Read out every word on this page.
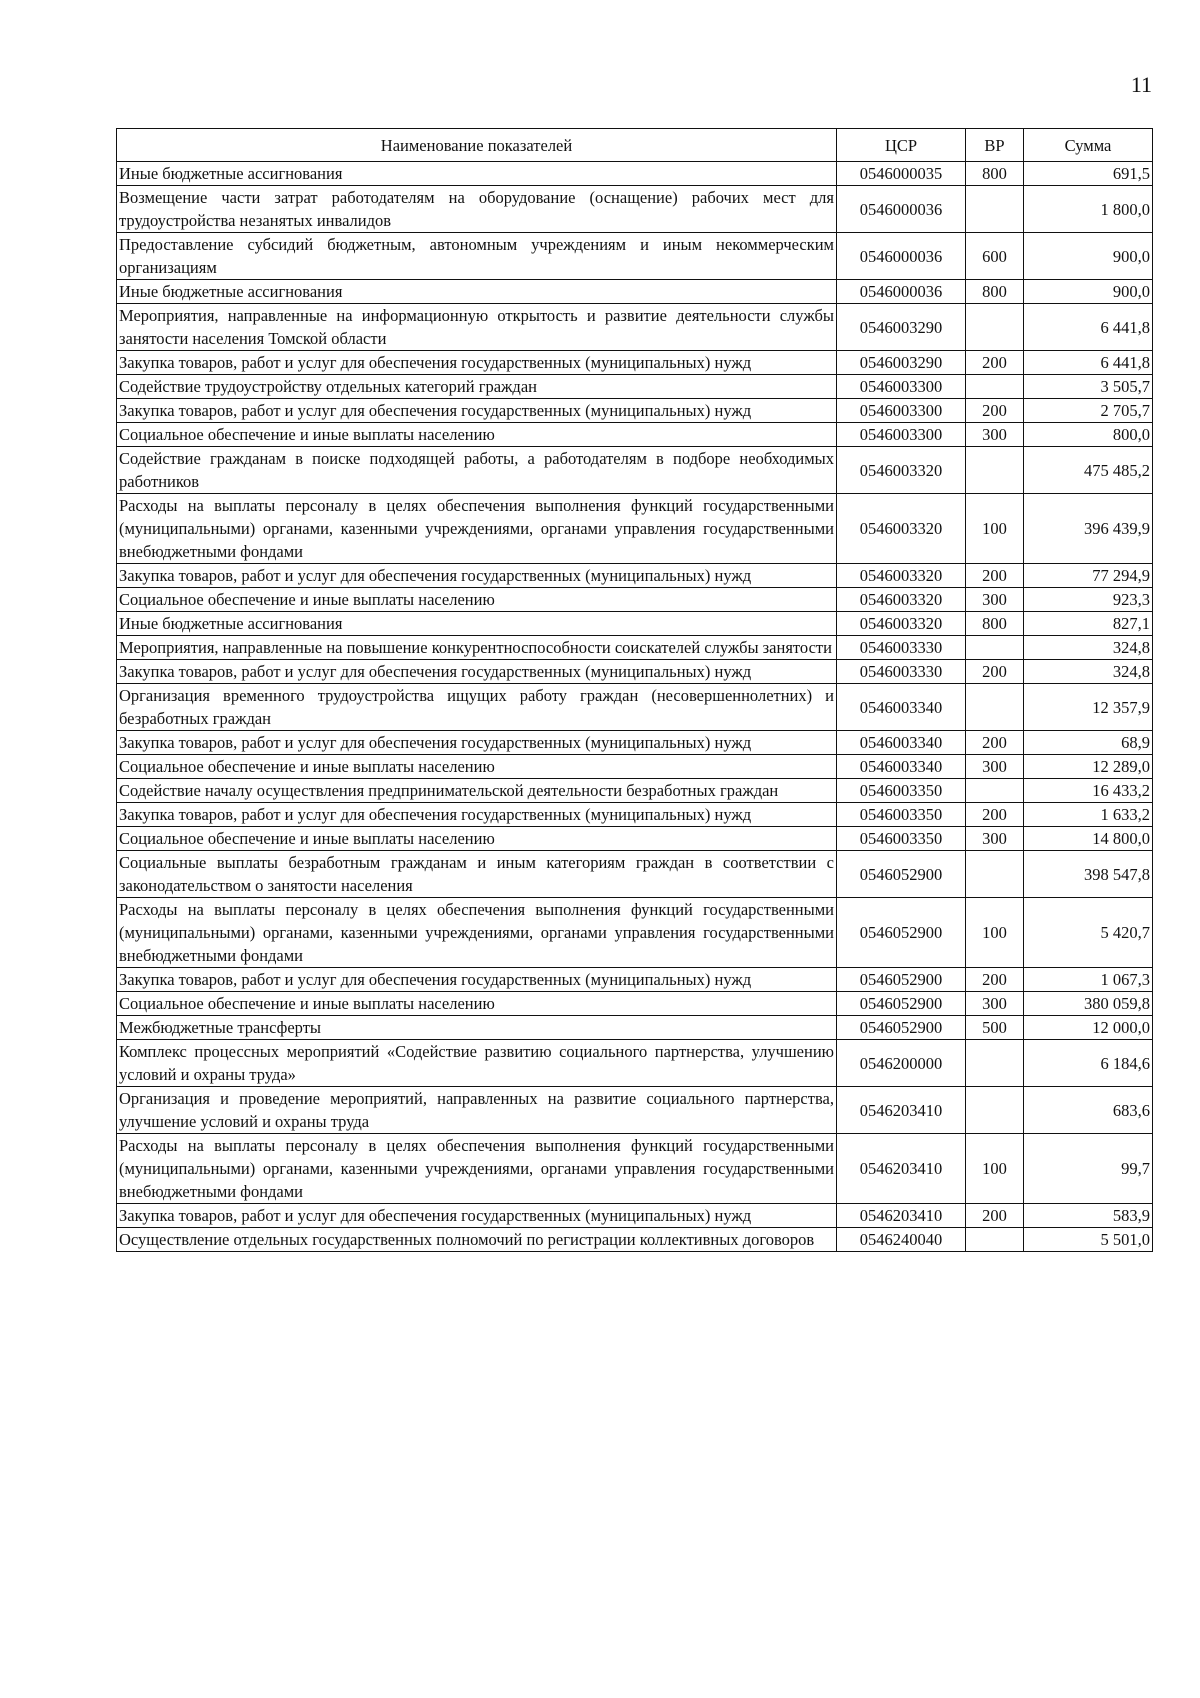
11
Наименование показателей	ЦСР	ВР	Сумма
Иные бюджетные ассигнования	0546000035	800	691,5
Возмещение части затрат работодателям на оборудование (оснащение) рабочих мест для трудоустройства незанятых инвалидов	0546000036		1 800,0
Предоставление субсидий бюджетным, автономным учреждениям и иным некоммерческим организациям	0546000036	600	900,0
Иные бюджетные ассигнования	0546000036	800	900,0
Мероприятия, направленные на информационную открытость и развитие деятельности службы занятости населения Томской области	0546003290		6 441,8
Закупка товаров, работ и услуг для обеспечения государственных (муниципальных) нужд	0546003290	200	6 441,8
Содействие трудоустройству отдельных категорий граждан	0546003300		3 505,7
Закупка товаров, работ и услуг для обеспечения государственных (муниципальных) нужд	0546003300	200	2 705,7
Социальное обеспечение и иные выплаты населению	0546003300	300	800,0
Содействие гражданам в поиске подходящей работы, а работодателям в подборе необходимых работников	0546003320		475 485,2
Расходы на выплаты персоналу в целях обеспечения выполнения функций государственными (муниципальными) органами, казенными учреждениями, органами управления государственными внебюджетными фондами	0546003320	100	396 439,9
Закупка товаров, работ и услуг для обеспечения государственных (муниципальных) нужд	0546003320	200	77 294,9
Социальное обеспечение и иные выплаты населению	0546003320	300	923,3
Иные бюджетные ассигнования	0546003320	800	827,1
Мероприятия, направленные на повышение конкурентноспособности соискателей службы занятости	0546003330		324,8
Закупка товаров, работ и услуг для обеспечения государственных (муниципальных) нужд	0546003330	200	324,8
Организация временного трудоустройства ищущих работу граждан (несовершеннолетних) и безработных граждан	0546003340		12 357,9
Закупка товаров, работ и услуг для обеспечения государственных (муниципальных) нужд	0546003340	200	68,9
Социальное обеспечение и иные выплаты населению	0546003340	300	12 289,0
Содействие началу осуществления предпринимательской деятельности безработных граждан	0546003350		16 433,2
Закупка товаров, работ и услуг для обеспечения государственных (муниципальных) нужд	0546003350	200	1 633,2
Социальное обеспечение и иные выплаты населению	0546003350	300	14 800,0
Социальные выплаты безработным гражданам и иным категориям граждан в соответствии с законодательством о занятости населения	0546052900		398 547,8
Расходы на выплаты персоналу в целях обеспечения выполнения функций государственными (муниципальными) органами, казенными учреждениями, органами управления государственными внебюджетными фондами	0546052900	100	5 420,7
Закупка товаров, работ и услуг для обеспечения государственных (муниципальных) нужд	0546052900	200	1 067,3
Социальное обеспечение и иные выплаты населению	0546052900	300	380 059,8
Межбюджетные трансферты	0546052900	500	12 000,0
Комплекс процессных мероприятий «Содействие развитию социального партнерства, улучшению условий и охраны труда»	0546200000		6 184,6
Организация и проведение мероприятий, направленных на развитие социального партнерства, улучшение условий и охраны труда	0546203410		683,6
Расходы на выплаты персоналу в целях обеспечения выполнения функций государственными (муниципальными) органами, казенными учреждениями, органами управления государственными внебюджетными фондами	0546203410	100	99,7
Закупка товаров, работ и услуг для обеспечения государственных (муниципальных) нужд	0546203410	200	583,9
Осуществление отдельных государственных полномочий по регистрации коллективных договоров	0546240040		5 501,0
